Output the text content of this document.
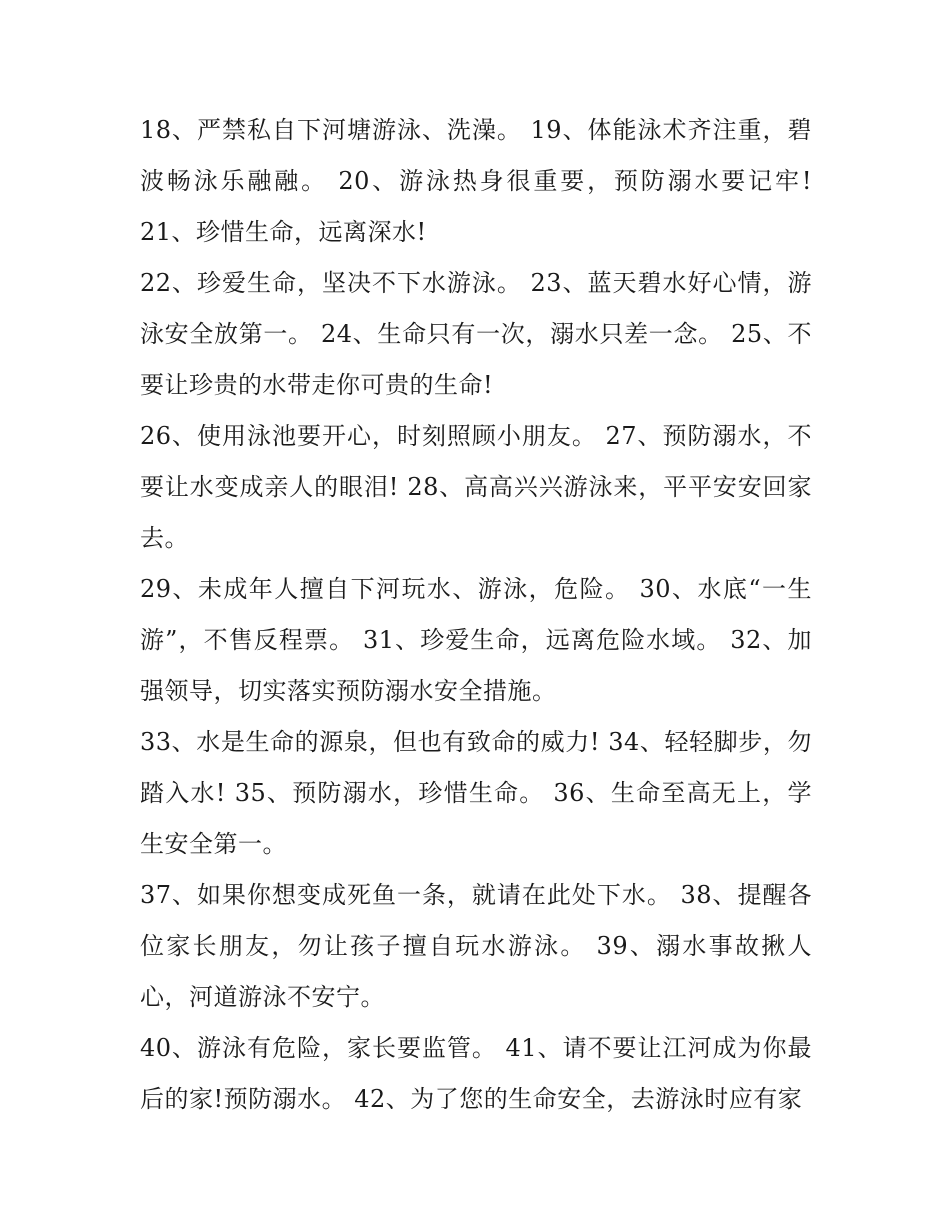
18、严禁私自下河塘游泳、洗澡。 19、体能泳术齐注重，碧波畅泳乐融融。 20、游泳热身很重要，预防溺水要记牢! 21、珍惜生命，远离深水!

22、珍爱生命，坚决不下水游泳。 23、蓝天碧水好心情，游泳安全放第一。 24、生命只有一次，溺水只差一念。 25、不要让珍贵的水带走你可贵的生命!

26、使用泳池要开心，时刻照顾小朋友。 27、预防溺水，不要让水变成亲人的眼泪! 28、高高兴兴游泳来，平平安安回家去。

29、未成年人擅自下河玩水、游泳，危险。 30、水底“一生游”，不售反程票。 31、珍爱生命，远离危险水域。 32、加强领导，切实落实预防溺水安全措施。

33、水是生命的源泉，但也有致命的威力! 34、轻轻脚步，勿踏入水! 35、预防溺水，珍惜生命。 36、生命至高无上，学生安全第一。

37、如果你想变成死鱼一条，就请在此处下水。 38、提醒各位家长朋友，勿让孩子擅自玩水游泳。 39、溺水事故揪人心，河道游泳不安宁。

40、游泳有危险，家长要监管。 41、请不要让江河成为你最后的家!预防溺水。 42、为了您的生命安全，去游泳时应有家
